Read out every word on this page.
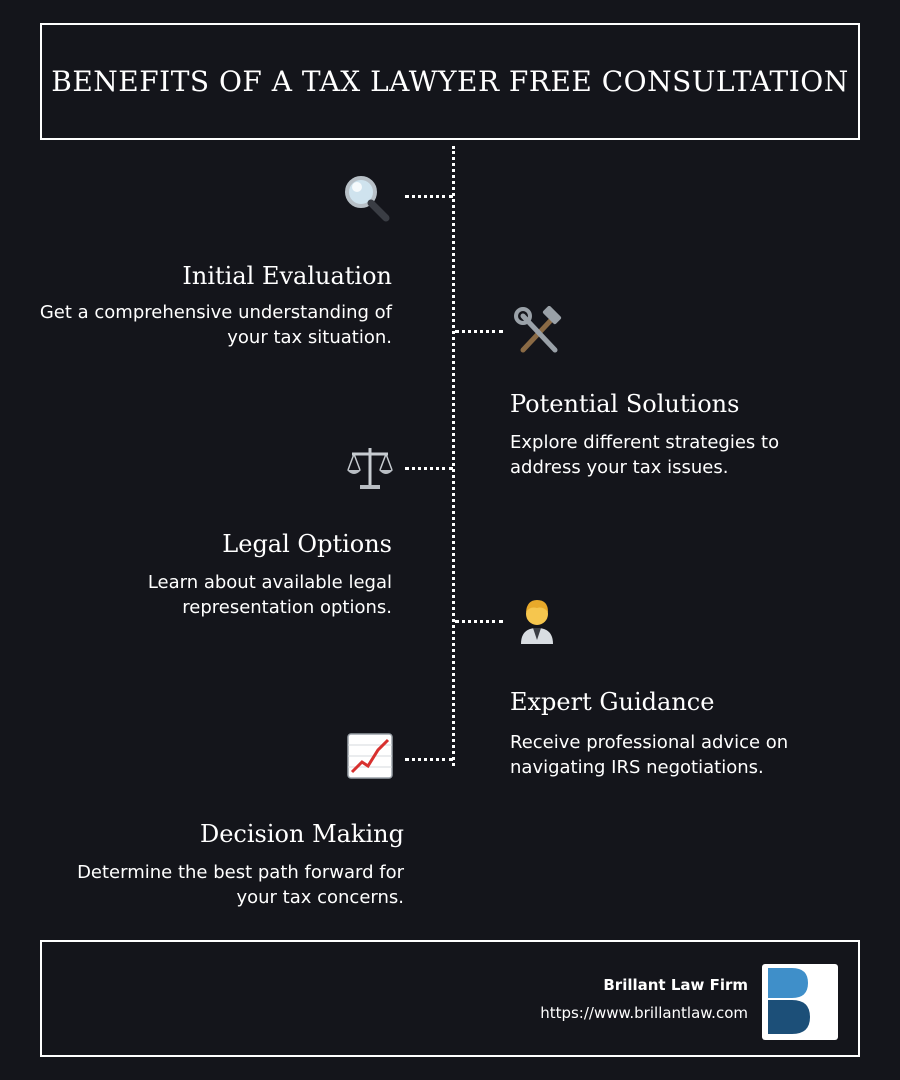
BENEFITS OF A TAX LAWYER FREE CONSULTATION
Initial Evaluation
Get a comprehensive understanding of your tax situation.
Potential Solutions
Explore different strategies to address your tax issues.
Legal Options
Learn about available legal representation options.
Expert Guidance
Receive professional advice on navigating IRS negotiations.
Decision Making
Determine the best path forward for your tax concerns.
Brillant Law Firm
https://www.brillantlaw.com
